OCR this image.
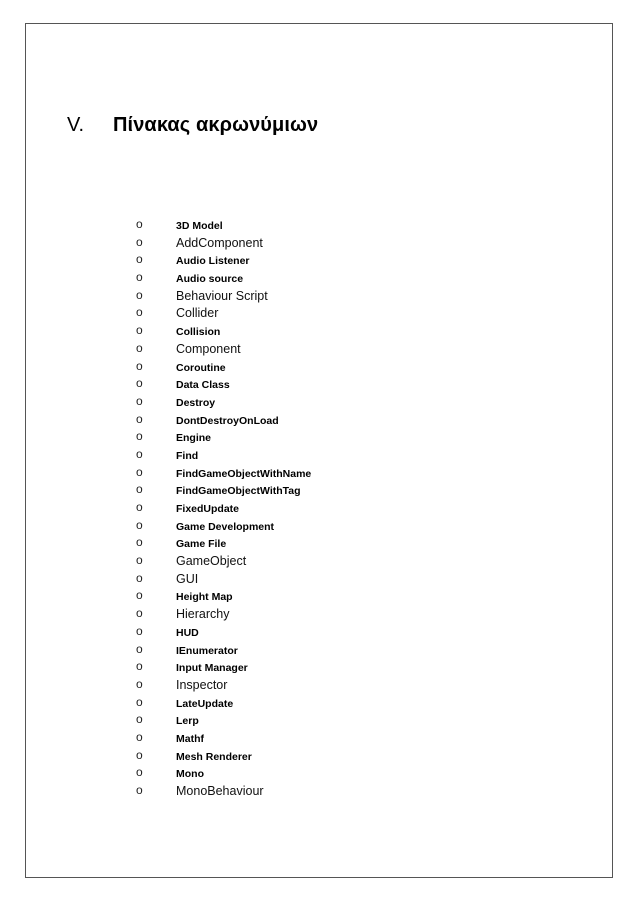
V.	Πίνακας ακρωνύμιων
o	3D Model
o	AddComponent
o	Audio Listener
o	Audio source
o	Behaviour Script
o	Collider
o	Collision
o	Component
o	Coroutine
o	Data Class
o	Destroy
o	DontDestroyOnLoad
o	Engine
o	Find
o	FindGameObjectWithName
o	FindGameObjectWithTag
o	FixedUpdate
o	Game Development
o	Game File
o	GameObject
o	GUI
o	Height Map
o	Hierarchy
o	HUD
o	IEnumerator
o	Input Manager
o	Inspector
o	LateUpdate
o	Lerp
o	Mathf
o	Mesh Renderer
o	Mono
o	MonoBehaviour
